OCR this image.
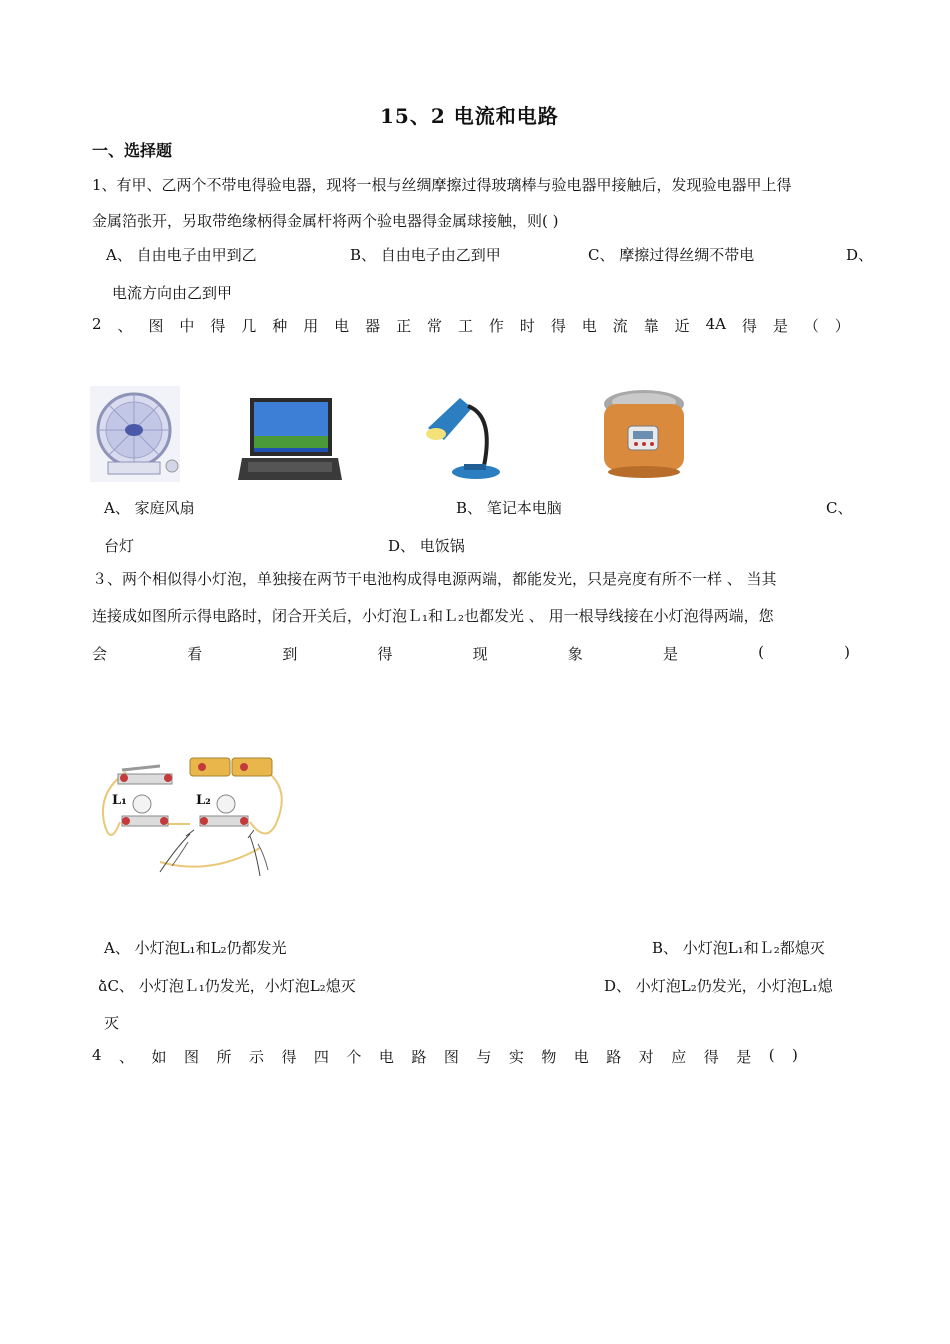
15、2 电流和电路
一、选择题
1、有甲、乙两个不带电得验电器，现将一根与丝绸摩擦过得玻璃棒与验电器甲接触后，发现验电器甲上得
金属箔张开，另取带绝缘柄得金属杆将两个验电器得金属球接触，则( )
A、 自由电子由甲到乙	B、 自由电子由乙到甲	C、 摩擦过得丝绸不带电	D、
电流方向由乙到甲
2 、 图 中 得 几 种 用 电 器 正 常 工 作 时 得 电 流 靠 近 4A 得 是 （ ）
A、 家庭风扇	B、 笔记本电脑	C、
台灯	D、 电饭锅
３、两个相似得小灯泡，单独接在两节干电池构成得电源两端，都能发光，只是亮度有所不一样 、 当其
连接成如图所示得电路时，闭合开关后，小灯泡Ｌ₁和Ｌ₂也都发光 、 用一根导线接在小灯泡得两端，您
会	看	到	得	现	象	是	(	)
L₁	L₂
A、 小灯泡L₁和L₂仍都发光	B、 小灯泡L₁和Ｌ₂都熄灭
ձC、 小灯泡Ｌ₁仍发光，小灯泡L₂熄灭	D、 小灯泡L₂仍发光，小灯泡L₁熄
灭
4 、 如 图 所 示 得 四 个 电 路 图 与 实 物 电 路 对 应 得 是 ( )
